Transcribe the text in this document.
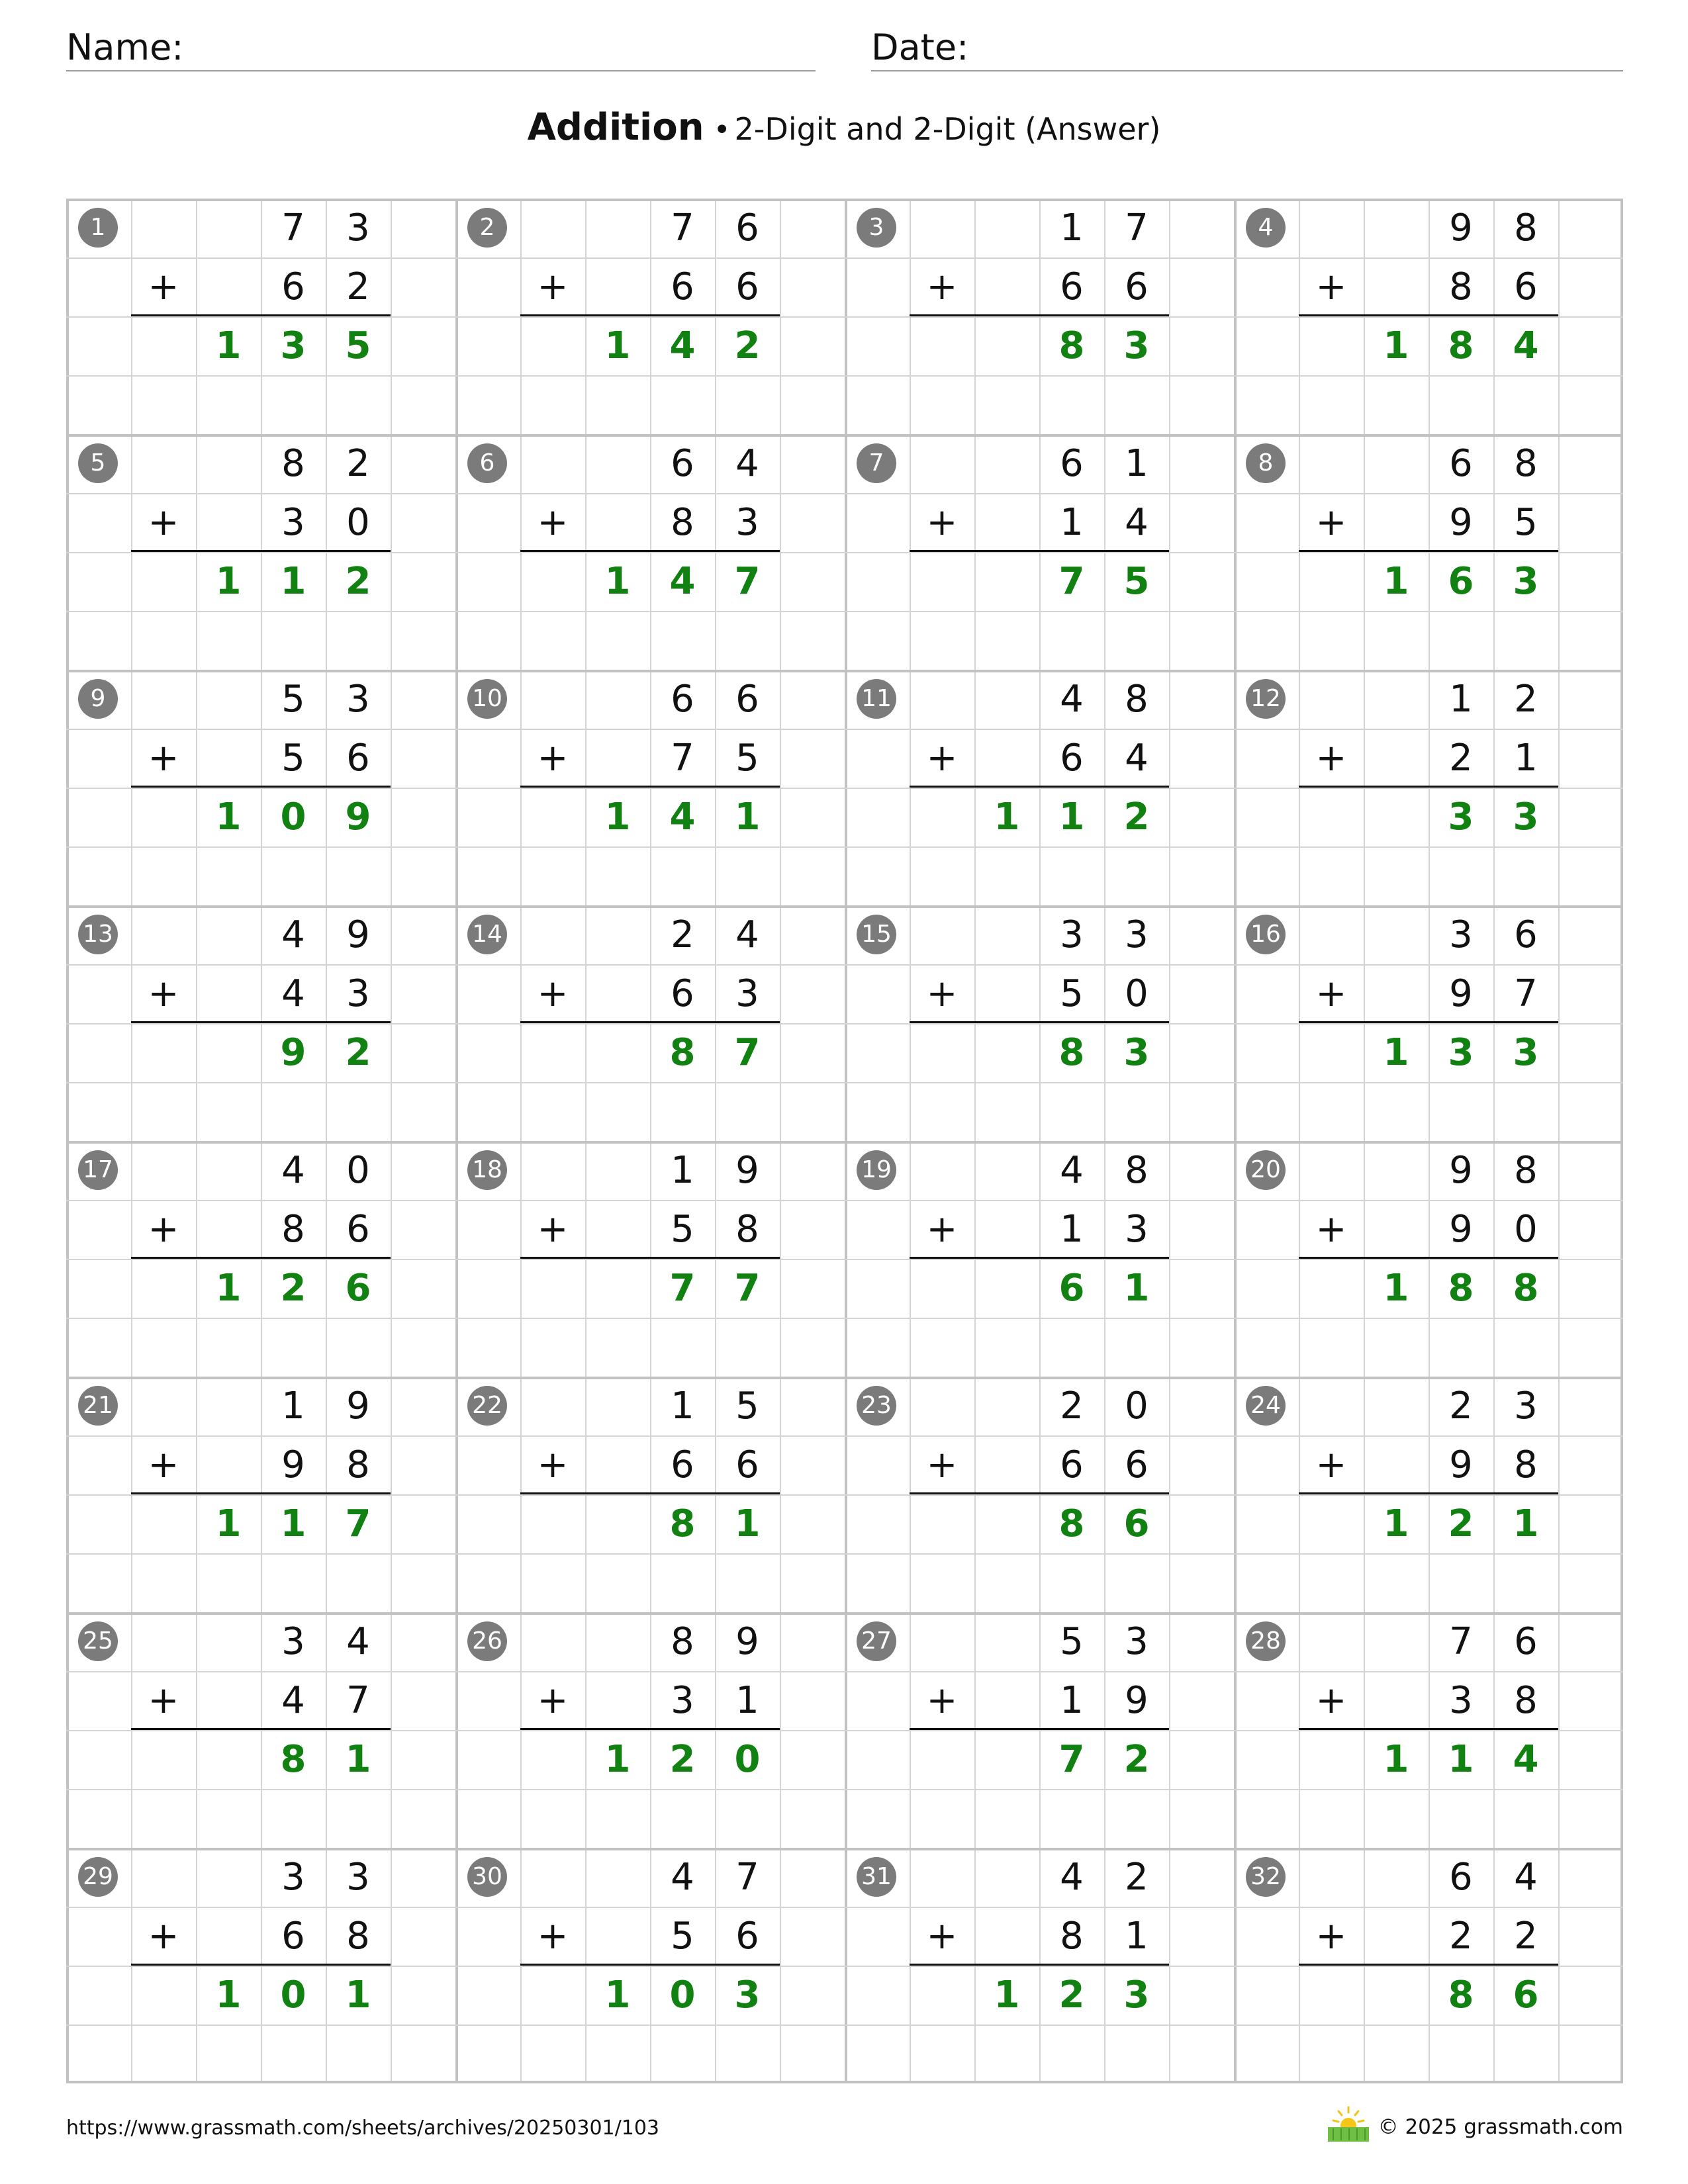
Name:	Date:
Addition • 2-Digit and 2-Digit (Answer)
1
+
7	3
6	2
1	3	5
2
+
7	6
6	6
1	4	2
3
+
1	7
6	6
8	3
4
+
9	8
8	6
1	8	4
5
+
8	2
3	0
1	1	2
6
+
6	4
8	3
1	4	7
7
+
6	1
1	4
7	5
8
+
6	8
9	5
1	6	3
9
+
5	3
5	6
1	0	9
10
+
6	6
7	5
1	4	1
11
+
4	8
6	4
1	1	2
12
+
1	2
2	1
3	3
13
+
4	9
4	3
9	2
14
+
2	4
6	3
8	7
15
+
3	3
5	0
8	3
16
+
3	6
9	7
1	3	3
17
+
4	0
8	6
1	2	6
18
+
1	9
5	8
7	7
19
+
4	8
1	3
6	1
20
+
9	8
9	0
1	8	8
21
+
1	9
9	8
1	1	7
22
+
1	5
6	6
8	1
23
+
2	0
6	6
8	6
24
+
2	3
9	8
1	2	1
25
+
3	4
4	7
8	1
26
+
8	9
3	1
1	2	0
27
+
5	3
1	9
7	2
28
+
7	6
3	8
1	1	4
29
+
3	3
6	8
1	0	1
30
+
4	7
5	6
1	0	3
31
+
4	2
8	1
1	2	3
32
+
6	4
2	2
8	6
https://www.grassmath.com/sheets/archives/20250301/103	© 2025 grassmath.com
